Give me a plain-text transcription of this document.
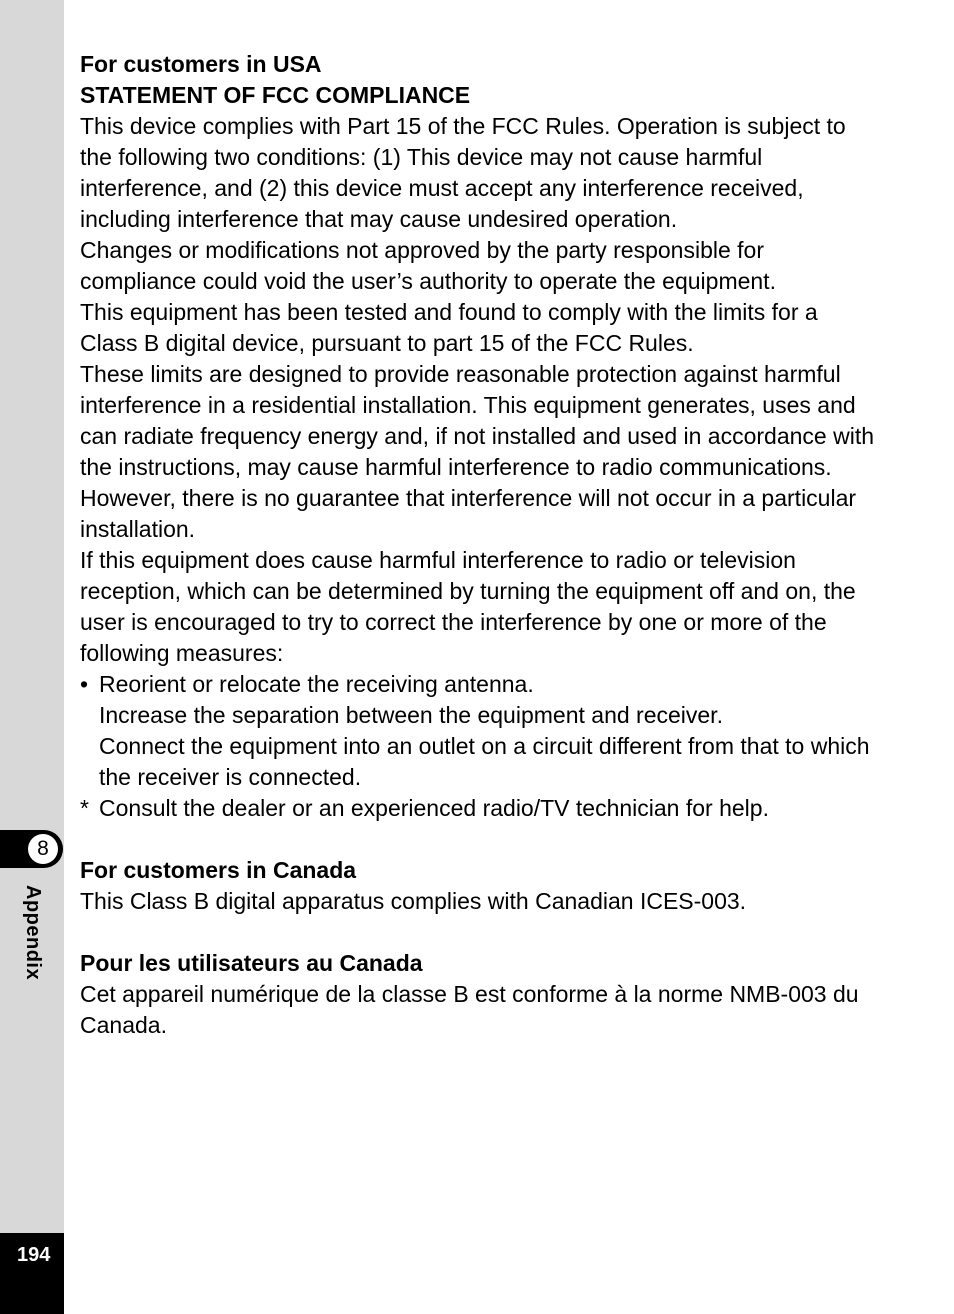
8
Appendix
194

For customers in USA

STATEMENT OF FCC COMPLIANCE

This device complies with Part 15 of the FCC Rules. Operation is subject to the following two conditions: (1) This device may not cause harmful interference, and (2) this device must accept any interference received, including interference that may cause undesired operation.

Changes or modifications not approved by the party responsible for compliance could void the user’s authority to operate the equipment.

This equipment has been tested and found to comply with the limits for a Class B digital device, pursuant to part 15 of the FCC Rules.

These limits are designed to provide reasonable protection against harmful interference in a residential installation. This equipment generates, uses and can radiate frequency energy and, if not installed and used in accordance with the instructions, may cause harmful interference to radio communications. However, there is no guarantee that interference will not occur in a particular installation.

If this equipment does cause harmful interference to radio or television reception, which can be determined by turning the equipment off and on, the user is encouraged to try to correct the interference by one or more of the following measures:

• Reorient or relocate the receiving antenna.
Increase the separation between the equipment and receiver.
Connect the equipment into an outlet on a circuit different from that to which the receiver is connected.
* Consult the dealer or an experienced radio/TV technician for help.

For customers in Canada

This Class B digital apparatus complies with Canadian ICES-003.

Pour les utilisateurs au Canada

Cet appareil numérique de la classe B est conforme à la norme NMB-003 du Canada.
